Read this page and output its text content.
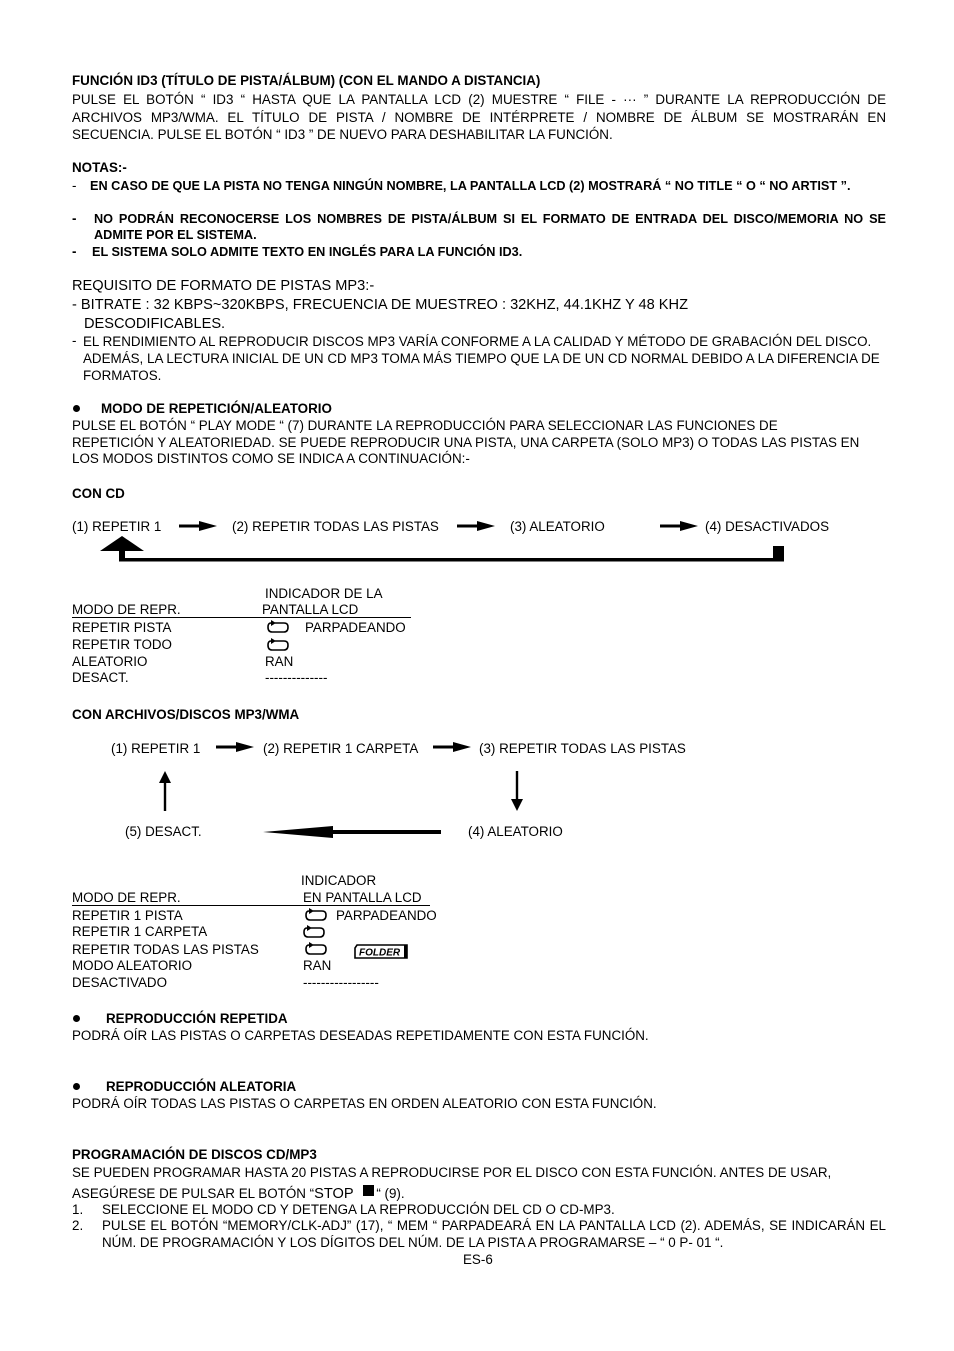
FUNCIÓN ID3 (TÍTULO DE PISTA/ÁLBUM) (CON EL MANDO A DISTANCIA)
PULSE EL BOTÓN “ ID3 “ HASTA QUE LA PANTALLA LCD (2) MUESTRE “ FILE - ··· ” DURANTE LA REPRODUCCIÓN DE ARCHIVOS MP3/WMA. EL TÍTULO DE PISTA / NOMBRE DE INTÉRPRETE / NOMBRE DE ÁLBUM SE MOSTRARÁN EN SECUENCIA. PULSE EL BOTÓN “ ID3 ” DE NUEVO PARA DESHABILITAR LA FUNCIÓN.
NOTAS:-
- EN CASO DE QUE LA PISTA NO TENGA NINGÚN NOMBRE, LA PANTALLA LCD (2) MOSTRARÁ “ NO TITLE “ O “ NO ARTIST ”.
- NO PODRÁN RECONOCERSE LOS NOMBRES DE PISTA/ÁLBUM SI EL FORMATO DE ENTRADA DEL DISCO/MEMORIA NO SE ADMITE POR EL SISTEMA.
- EL SISTEMA SOLO ADMITE TEXTO EN INGLÉS PARA LA FUNCIÓN ID3.
REQUISITO DE FORMATO DE PISTAS MP3:-
- BITRATE : 32 KBPS~320KBPS, FRECUENCIA DE MUESTREO : 32KHZ, 44.1KHZ Y 48 KHZ
DESCODIFICABLES.
- EL RENDIMIENTO AL REPRODUCIR DISCOS MP3 VARÍA CONFORME A LA CALIDAD Y MÉTODO DE GRABACIÓN DEL DISCO. ADEMÁS, LA LECTURA INICIAL DE UN CD MP3 TOMA MÁS TIEMPO QUE LA DE UN CD NORMAL DEBIDO A LA DIFERENCIA DE FORMATOS.
MODO DE REPETICIÓN/ALEATORIO
PULSE EL BOTÓN “ PLAY MODE “ (7) DURANTE LA REPRODUCCIÓN PARA SELECCIONAR LAS FUNCIONES DE REPETICIÓN Y ALEATORIEDAD. SE PUEDE REPRODUCIR UNA PISTA, UNA CARPETA (SOLO MP3) O TODAS LAS PISTAS EN LOS MODOS DISTINTOS COMO SE INDICA A CONTINUACIÓN:-
CON CD
(1) REPETIR 1	(2) REPETIR TODAS LAS PISTAS	(3) ALEATORIO	(4) DESACTIVADOS
INDICADOR DE LA
MODO DE REPR.	PANTALLA LCD
REPETIR PISTA	PARPADEANDO
REPETIR TODO
ALEATORIO	RAN
DESACT.	--------------
CON ARCHIVOS/DISCOS MP3/WMA
(1) REPETIR 1	(2) REPETIR 1 CARPETA	(3) REPETIR TODAS LAS PISTAS
(5) DESACT.	(4) ALEATORIO
INDICADOR
MODO DE REPR.	EN PANTALLA LCD
REPETIR 1 PISTA	PARPADEANDO
REPETIR 1 CARPETA
REPETIR TODAS LAS PISTAS	FOLDER
MODO ALEATORIO	RAN
DESACTIVADO	-----------------
REPRODUCCIÓN REPETIDA
PODRÁ OÍR LAS PISTAS O CARPETAS DESEADAS REPETIDAMENTE CON ESTA FUNCIÓN.
REPRODUCCIÓN ALEATORIA
PODRÁ OÍR TODAS LAS PISTAS O CARPETAS EN ORDEN ALEATORIO CON ESTA FUNCIÓN.
PROGRAMACIÓN DE DISCOS CD/MP3
SE PUEDEN PROGRAMAR HASTA 20 PISTAS A REPRODUCIRSE POR EL DISCO CON ESTA FUNCIÓN. ANTES DE USAR,
ASEGÚRESE DE PULSAR EL BOTÓN “STOP “ (9).
1. SELECCIONE EL MODO CD Y DETENGA LA REPRODUCCIÓN DEL CD O CD-MP3.
2. PULSE EL BOTÓN “MEMORY/CLK-ADJ” (17), “ MEM “ PARPADEARÁ EN LA PANTALLA LCD (2). ADEMÁS, SE INDICARÁN EL NÚM. DE PROGRAMACIÓN Y LOS DÍGITOS DEL NÚM. DE LA PISTA A PROGRAMARSE – “ 0 P- 01 “.
ES-6
